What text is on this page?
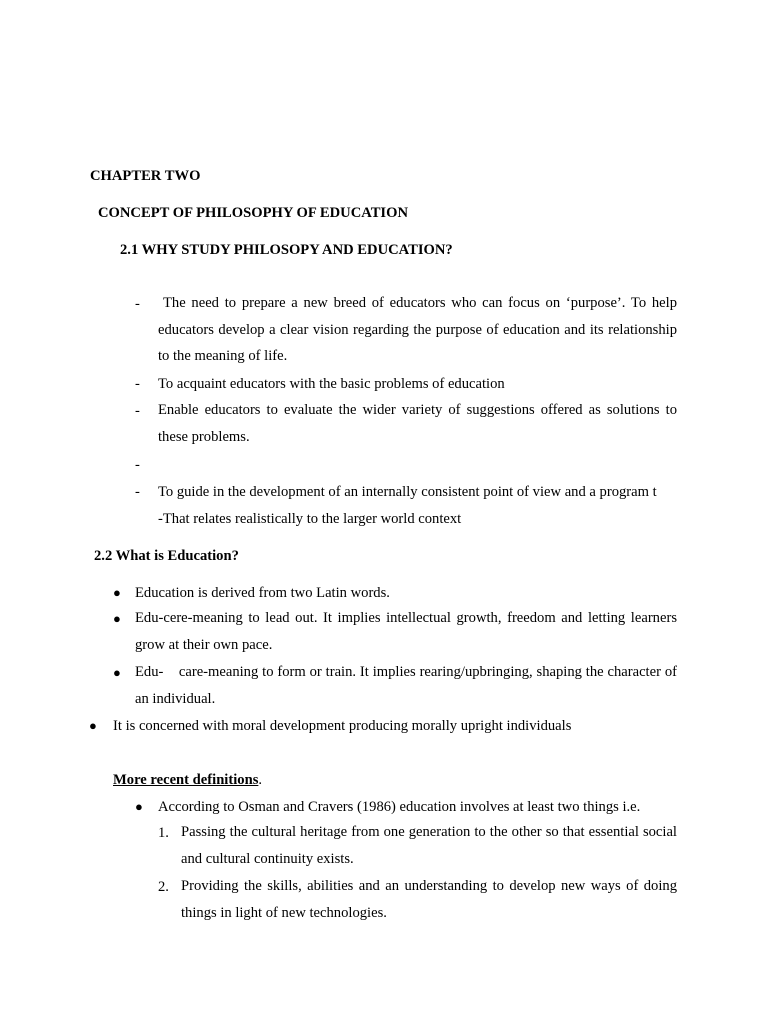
CHAPTER TWO
CONCEPT OF PHILOSOPHY OF EDUCATION
2.1 WHY STUDY PHILOSOPY AND EDUCATION?
-	The need to prepare a new breed of educators who can focus on ‘purpose’. To help educators develop a clear vision regarding the purpose of education and its relationship to the meaning of life.
- To acquaint educators with the basic problems of education
- Enable educators to evaluate the wider variety of suggestions offered as solutions to these problems.
-
- To guide in the development of an internally consistent point of view and a program t
-That relates realistically to the larger world context
2.2 What is Education?
● Education is derived from two Latin words.
● Edu-cere-meaning to lead out. It implies intellectual growth, freedom and letting learners grow at their own pace.
● Edu-    care-meaning to form or train. It implies rearing/upbringing, shaping the character of an individual.
● It is concerned with moral development producing morally upright individuals
More recent definitions.
● According to Osman and Cravers (1986) education involves at least two things i.e.
1. Passing the cultural heritage from one generation to the other so that essential social and cultural continuity exists.
2. Providing the skills, abilities and an understanding to develop new ways of doing things in light of new technologies.
